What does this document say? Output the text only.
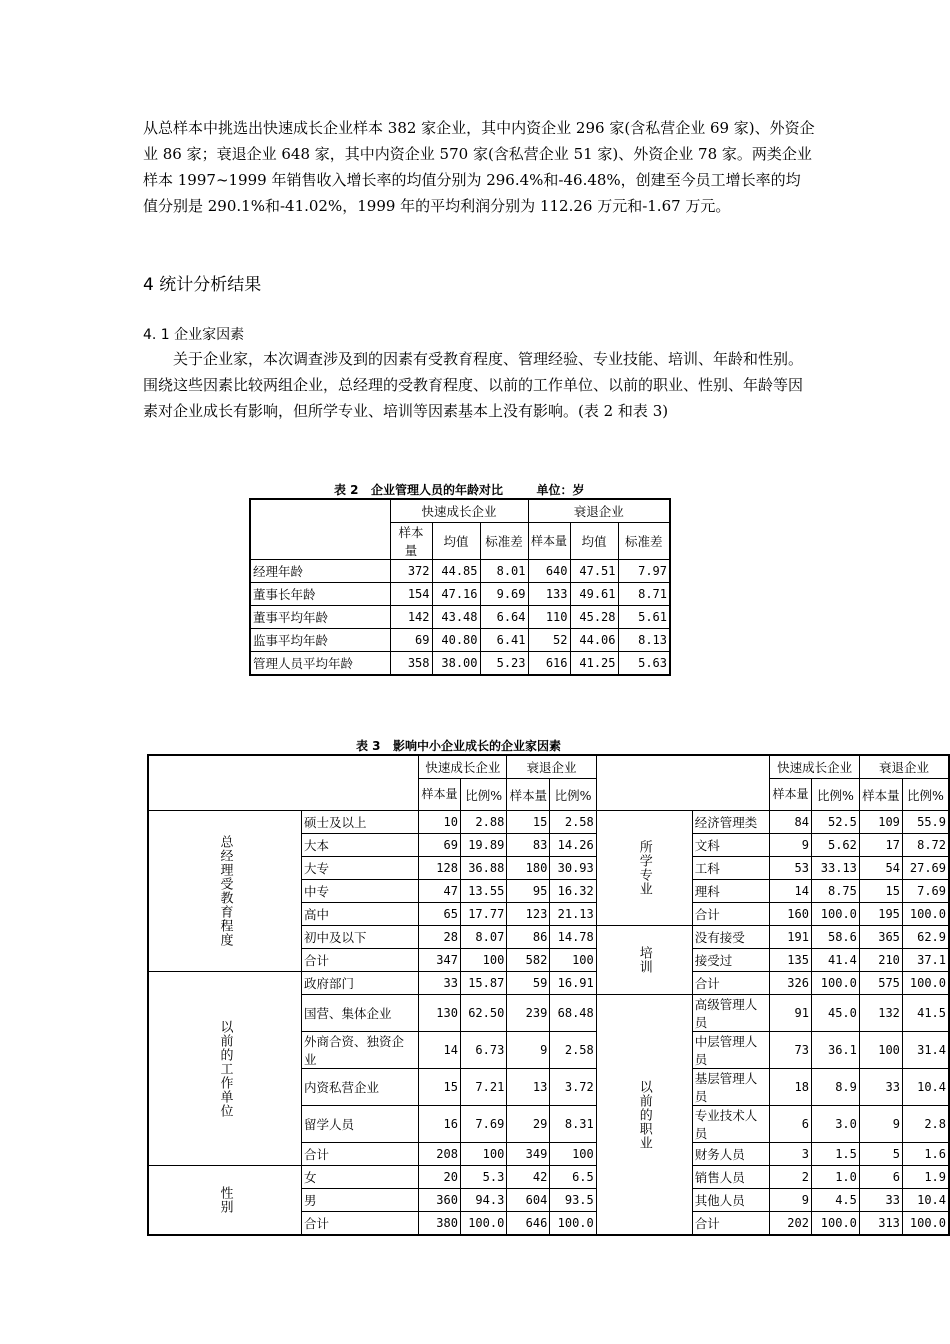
从总样本中挑选出快速成长企业样本 382 家企业，其中内资企业 296 家(含私营企业 69 家)、外资企业 86 家；衰退企业 648 家，其中内资企业 570 家(含私营企业 51 家)、外资企业 78 家。两类企业样本 1997~1999 年销售收入增长率的均值分别为 296.4%和-46.48%，创建至今员工增长率的均值分别是 290.1%和-41.02%，1999 年的平均利润分别为 112.26 万元和-1.67 万元。

4 统计分析结果
4. 1 企业家因素

关于企业家，本次调查涉及到的因素有受教育程度、管理经验、专业技能、培训、年龄和性别。围绕这些因素比较两组企业，总经理的受教育程度、以前的工作单位、以前的职业、性别、年龄等因素对企业成长有影响，但所学专业、培训等因素基本上没有影响。(表 2 和表 3)

表 2   企业管理人员的年龄对比        单位：岁
	快速成长企业			衰退企业		
	样本量	均值	标准差	样本量	均值	标准差
经理年龄	372	44.85	8.01	640	47.51	7.97
董事长年龄	154	47.16	9.69	133	49.61	8.71
董事平均年龄	142	43.48	6.64	110	45.28	5.61
监事平均年龄	69	40.80	6.41	52	44.06	8.13
管理人员平均年龄	358	38.00	5.23	616	41.25	5.63
表 3   影响中小企业成长的企业家因素
		快速成长企业		衰退企业				快速成长企业		衰退企业	
		样本量	比例%	样本量	比例%			样本量	比例%	样本量	比例%
总经理受教育程度	硕士及以上	10	2.88	15	2.58	所学专业	经济管理类	84	52.5	109	55.9
	大本	69	19.89	83	14.26		文科	9	5.62	17	8.72
	大专	128	36.88	180	30.93		工科	53	33.13	54	27.69
	中专	47	13.55	95	16.32		理科	14	8.75	15	7.69
	高中	65	17.77	123	21.13		合计	160	100.0	195	100.0
	初中及以下	28	8.07	86	14.78	培训	没有接受	191	58.6	365	62.9
	合计	347	100	582	100		接受过	135	41.4	210	37.1
以前的工作单位	政府部门	33	15.87	59	16.91		合计	326	100.0	575	100.0
	国营、集体企业	130	62.50	239	68.48	以前的职业	高级管理人员	91	45.0	132	41.5
	外商合资、独资企业	14	6.73	9	2.58		中层管理人员	73	36.1	100	31.4
	内资私营企业	15	7.21	13	3.72		基层管理人员	18	8.9	33	10.4
	留学人员	16	7.69	29	8.31		专业技术人员	6	3.0	9	2.8
	合计	208	100	349	100		财务人员	3	1.5	5	1.6
性别	女	20	5.3	42	6.5		销售人员	2	1.0	6	1.9
	男	360	94.3	604	93.5		其他人员	9	4.5	33	10.4
	合计	380	100.0	646	100.0		合计	202	100.0	313	100.0
